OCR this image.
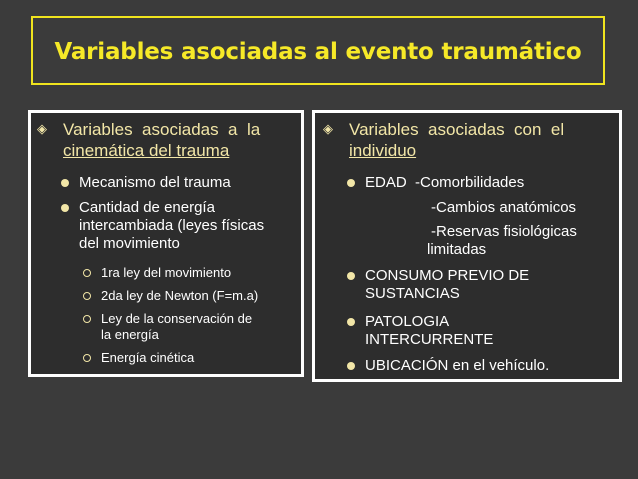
Variables asociadas al evento traumático
◈ Variables  asociadas  a  la
cinemática del trauma
Mecanismo del trauma
Cantidad de energía
intercambiada (leyes físicas
del movimiento
1ra ley del movimiento
2da ley de Newton (F=m.a)
Ley de la conservación de
la energía
Energía cinética
◈ Variables  asociadas  con  el
individuo
EDAD  -Comorbilidades
-Cambios anatómicos
-Reservas fisiológicas
limitadas
CONSUMO PREVIO DE
SUSTANCIAS
PATOLOGIA
INTERCURRENTE
UBICACIÓN en el vehículo.
